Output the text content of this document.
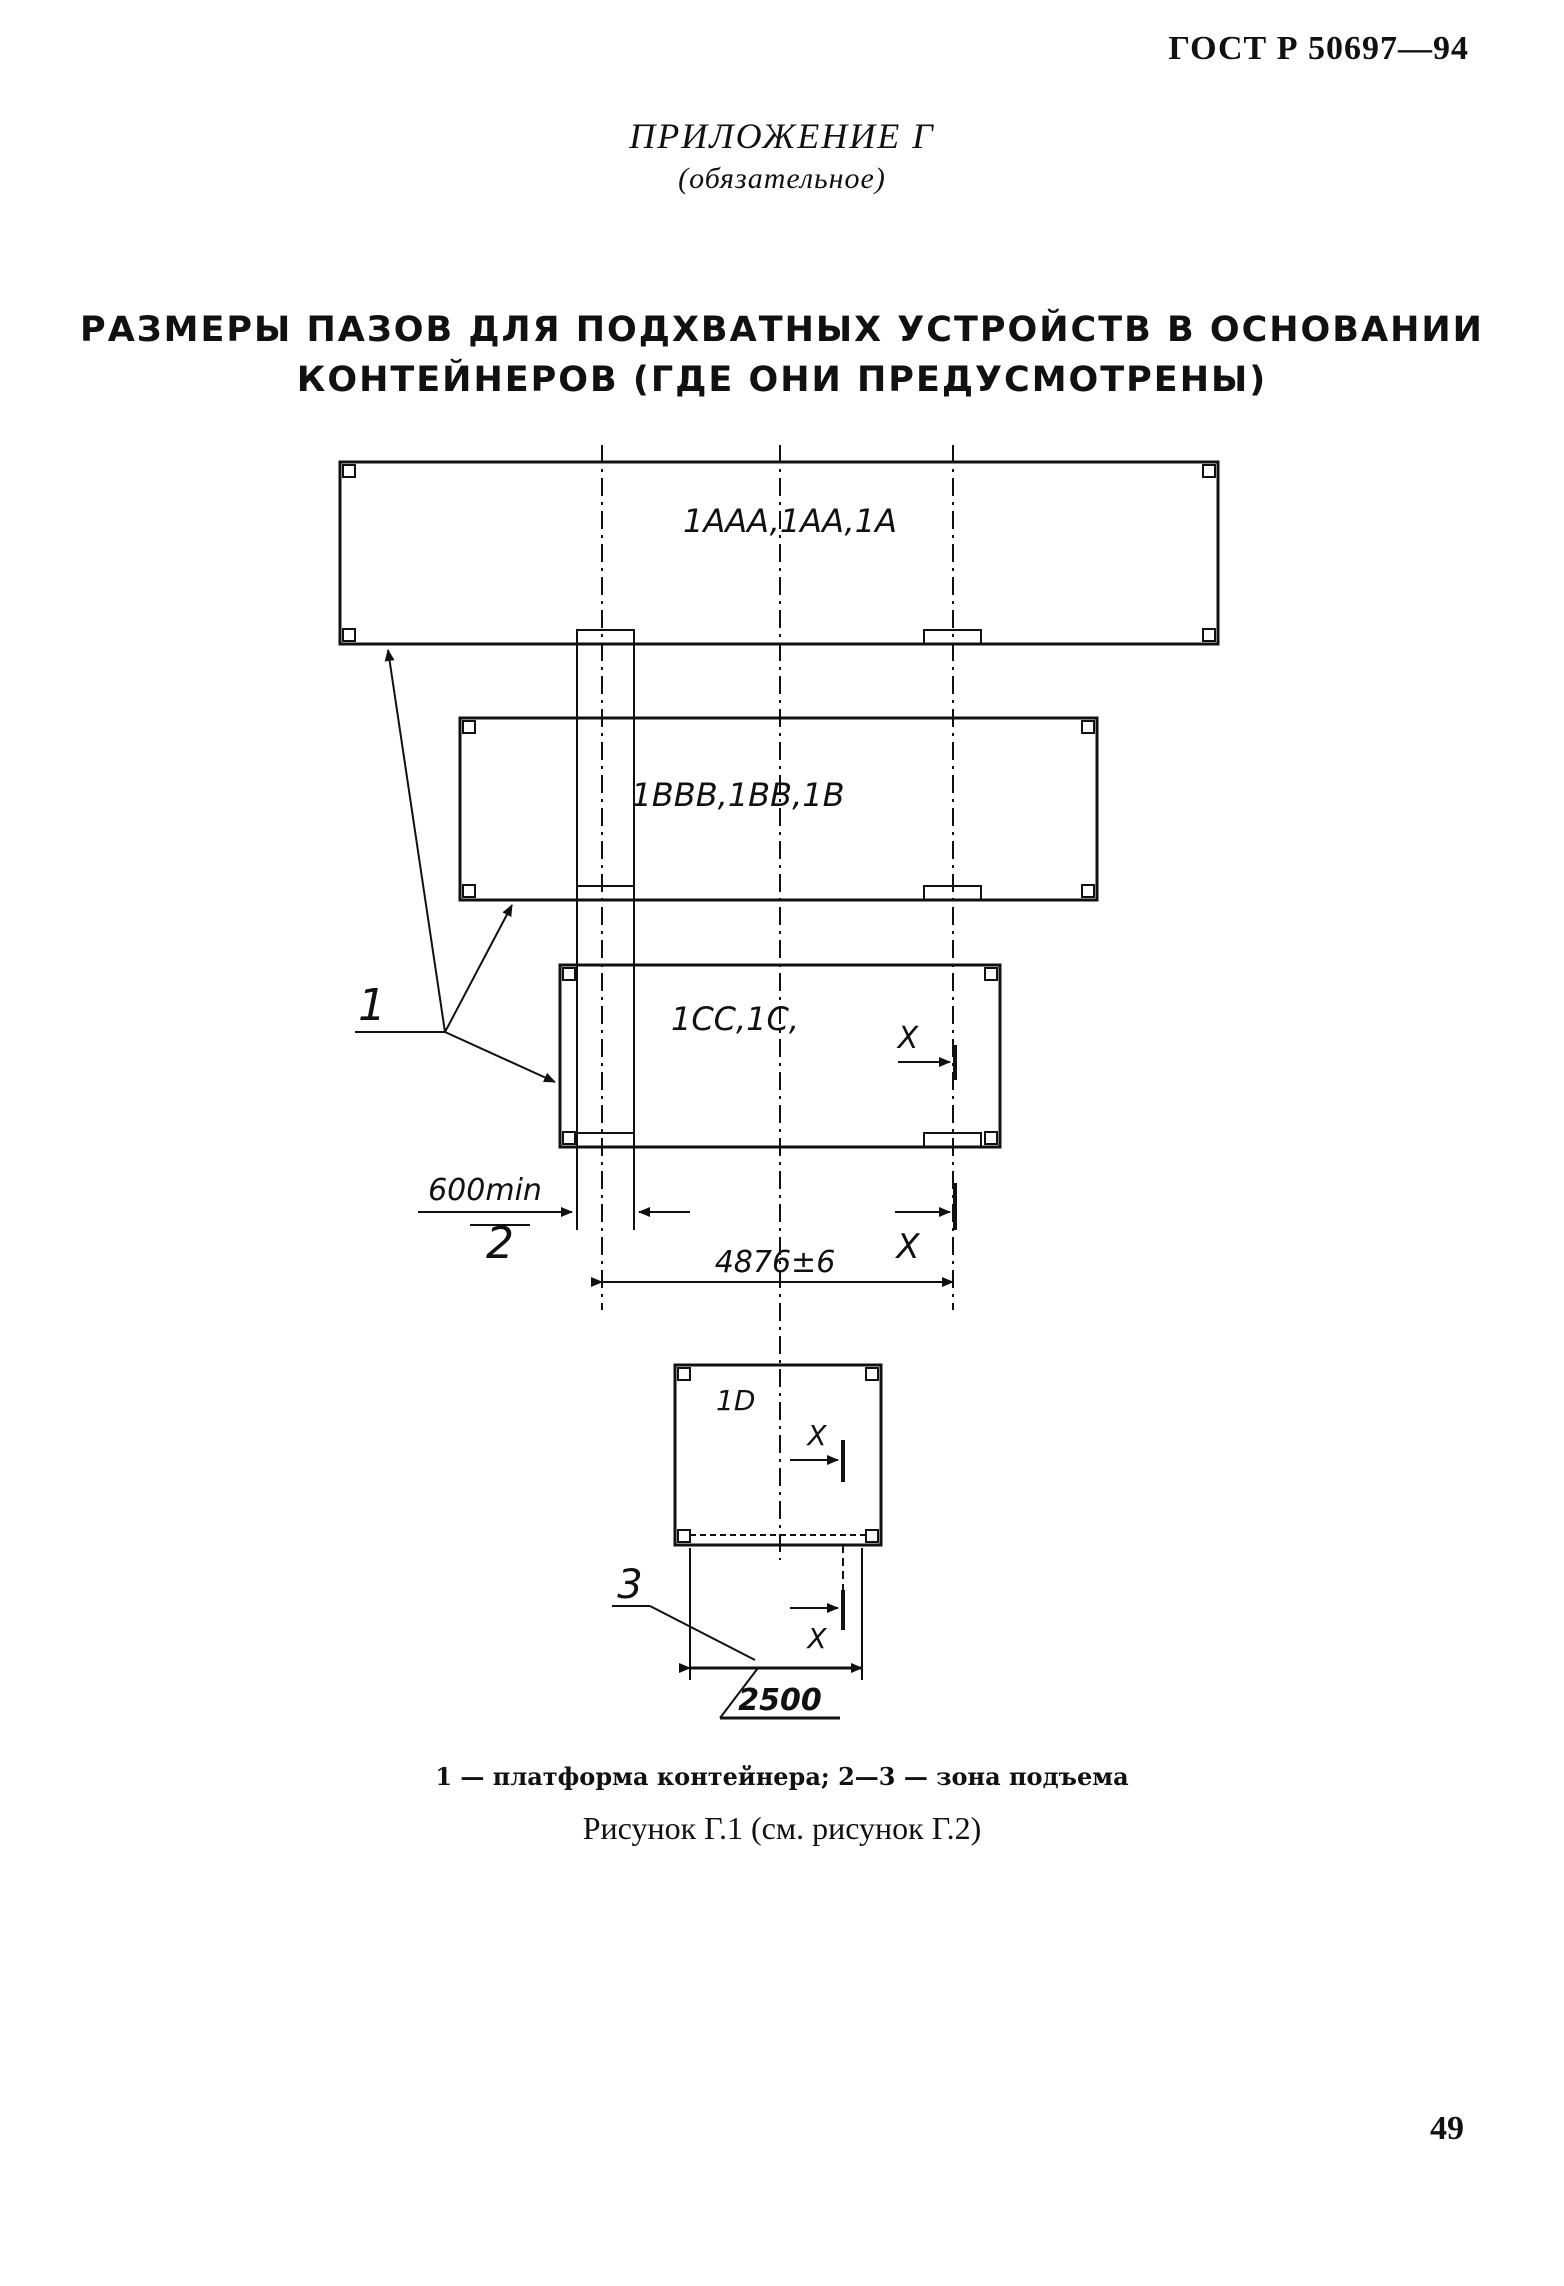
ГОСТ Р 50697—94
ПРИЛОЖЕНИЕ Г
(обязательное)
РАЗМЕРЫ ПАЗОВ ДЛЯ ПОДХВАТНЫХ УСТРОЙСТВ В ОСНОВАНИИ
КОНТЕЙНЕРОВ (ГДЕ ОНИ ПРЕДУСМОТРЕНЫ)
1AAA,1AA,1A
1BBB,1BB,1B
1CC,1C,
1D
1
2
3
600min
4876±6
2500
X
X
X
X
1 — платформа контейнера; 2—3 — зона подъема
Рисунок Г.1 (см. рисунок Г.2)
49
